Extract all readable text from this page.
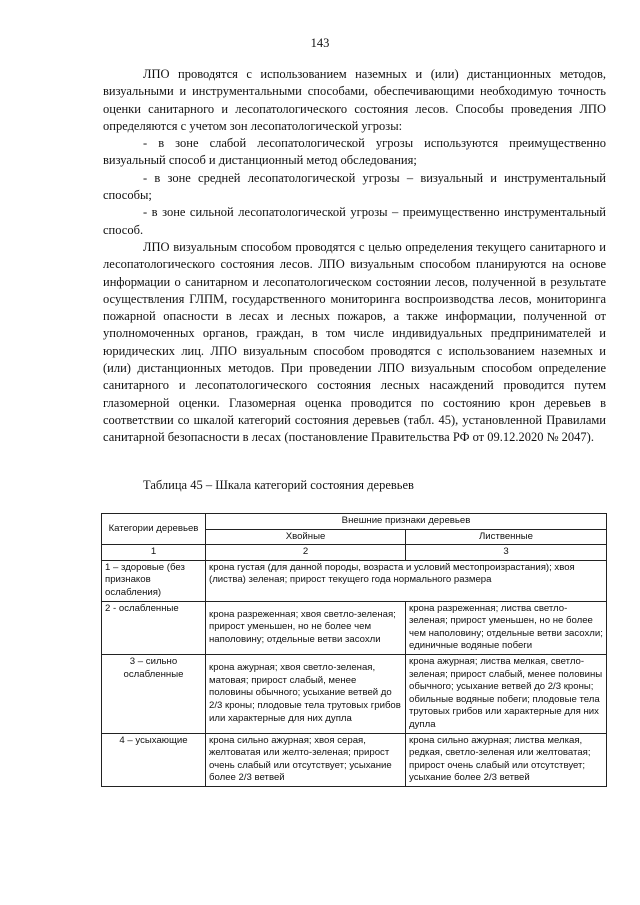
143

ЛПО проводятся с использованием наземных и (или) дистанционных методов, визуальными и инструментальными способами, обеспечивающими необходимую точность оценки санитарного и лесопатологического состояния лесов. Способы проведения ЛПО определяются с учетом зон лесопатологической угрозы:

- в зоне слабой лесопатологической угрозы используются преимущественно визуальный способ и дистанционный метод обследования;

- в зоне средней лесопатологической угрозы – визуальный и инструментальный способы;

- в зоне сильной лесопатологической угрозы – преимущественно инструментальный способ.

ЛПО визуальным способом проводятся с целью определения текущего санитарного и лесопатологического состояния лесов. ЛПО визуальным способом планируются на основе информации о санитарном и лесопатологическом состоянии лесов, полученной в результате осуществления ГЛПМ, государственного мониторинга воспроизводства лесов, мониторинга пожарной опасности в лесах и лесных пожаров, а также информации, полученной от уполномоченных органов, граждан, в том числе индивидуальных предпринимателей и юридических лиц. ЛПО визуальным способом проводятся с использованием наземных и (или) дистанционных методов. При проведении ЛПО визуальным способом определение санитарного и лесопатологического состояния лесных насаждений проводится путем глазомерной оценки. Глазомерная оценка проводится по состоянию крон деревьев в соответствии со шкалой категорий состояния деревьев (табл. 45), установленной Правилами санитарной безопасности в лесах (постановление Правительства РФ от 09.12.2020 № 2047).

Таблица 45 – Шкала категорий состояния деревьев
Категории деревьев	Внешние признаки деревьев	
	Хвойные	Лиственные
1	2	3
1 – здоровые (без признаков ослабления)	крона густая (для данной породы, возраста и условий местопроизрастания); хвоя (листва) зеленая; прирост текущего года нормального размера	
2 - ослабленные	крона разреженная; хвоя светло-зеленая; прирост уменьшен, но не более чем наполовину; отдельные ветви засохли	крона разреженная; листва светло-зеленая; прирост уменьшен, но не более чем наполовину; отдельные ветви засохли; единичные водяные побеги
3 – сильно ослабленные	крона ажурная; хвоя светло-зеленая, матовая; прирост слабый, менее половины обычного; усыхание ветвей до 2/3 кроны; плодовые тела трутовых грибов или характерные для них дупла	крона ажурная; листва мелкая, светло-зеленая; прирост слабый, менее половины обычного; усыхание ветвей до 2/3 кроны; обильные водяные побеги; плодовые тела трутовых грибов или характерные для них дупла
4 – усыхающие	крона сильно ажурная; хвоя серая, желтоватая или желто-зеленая; прирост очень слабый или отсутствует; усыхание более 2/3 ветвей	крона сильно ажурная; листва мелкая, редкая, светло-зеленая или желтоватая; прирост очень слабый или отсутствует; усыхание более 2/3 ветвей
